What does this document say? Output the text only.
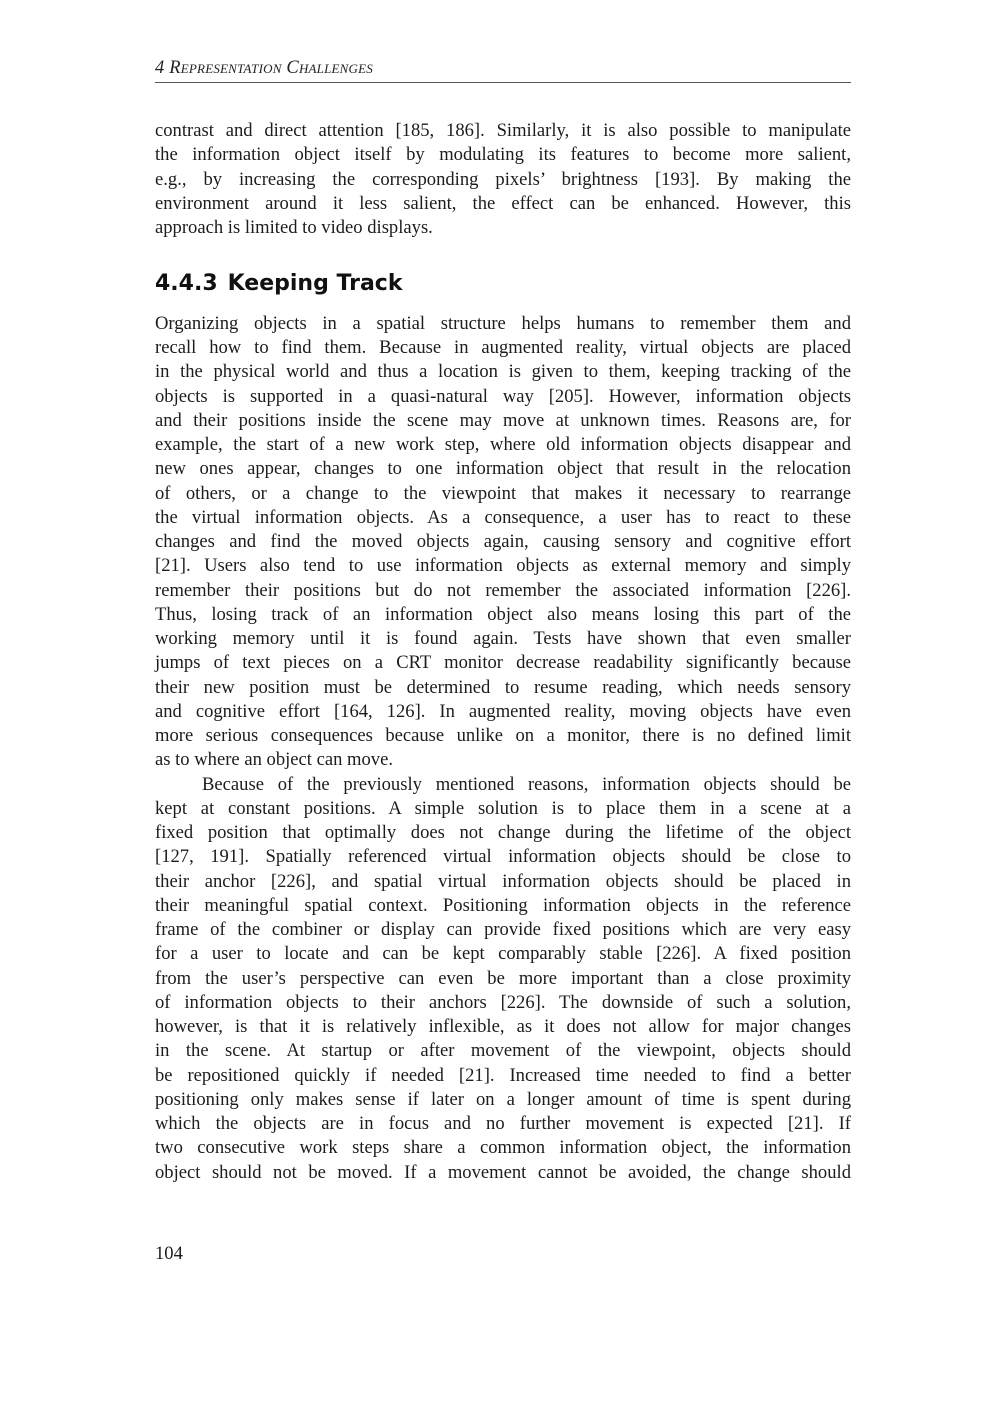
4 Representation Challenges
contrast and direct attention [185, 186]. Similarly, it is also possible to manipulate
the information object itself by modulating its features to become more salient,
e.g., by increasing the corresponding pixels’ brightness [193]. By making the
environment around it less salient, the effect can be enhanced. However, this
approach is limited to video displays.
4.4.3 Keeping Track
Organizing objects in a spatial structure helps humans to remember them and
recall how to find them. Because in augmented reality, virtual objects are placed
in the physical world and thus a location is given to them, keeping tracking of the
objects is supported in a quasi-natural way [205]. However, information objects
and their positions inside the scene may move at unknown times. Reasons are, for
example, the start of a new work step, where old information objects disappear and
new ones appear, changes to one information object that result in the relocation
of others, or a change to the viewpoint that makes it necessary to rearrange
the virtual information objects. As a consequence, a user has to react to these
changes and find the moved objects again, causing sensory and cognitive effort
[21]. Users also tend to use information objects as external memory and simply
remember their positions but do not remember the associated information [226].
Thus, losing track of an information object also means losing this part of the
working memory until it is found again. Tests have shown that even smaller
jumps of text pieces on a CRT monitor decrease readability significantly because
their new position must be determined to resume reading, which needs sensory
and cognitive effort [164, 126]. In augmented reality, moving objects have even
more serious consequences because unlike on a monitor, there is no defined limit
as to where an object can move.
Because of the previously mentioned reasons, information objects should be
kept at constant positions. A simple solution is to place them in a scene at a
fixed position that optimally does not change during the lifetime of the object
[127, 191]. Spatially referenced virtual information objects should be close to
their anchor [226], and spatial virtual information objects should be placed in
their meaningful spatial context. Positioning information objects in the reference
frame of the combiner or display can provide fixed positions which are very easy
for a user to locate and can be kept comparably stable [226]. A fixed position
from the user’s perspective can even be more important than a close proximity
of information objects to their anchors [226]. The downside of such a solution,
however, is that it is relatively inflexible, as it does not allow for major changes
in the scene. At startup or after movement of the viewpoint, objects should
be repositioned quickly if needed [21]. Increased time needed to find a better
positioning only makes sense if later on a longer amount of time is spent during
which the objects are in focus and no further movement is expected [21]. If
two consecutive work steps share a common information object, the information
object should not be moved. If a movement cannot be avoided, the change should
104
